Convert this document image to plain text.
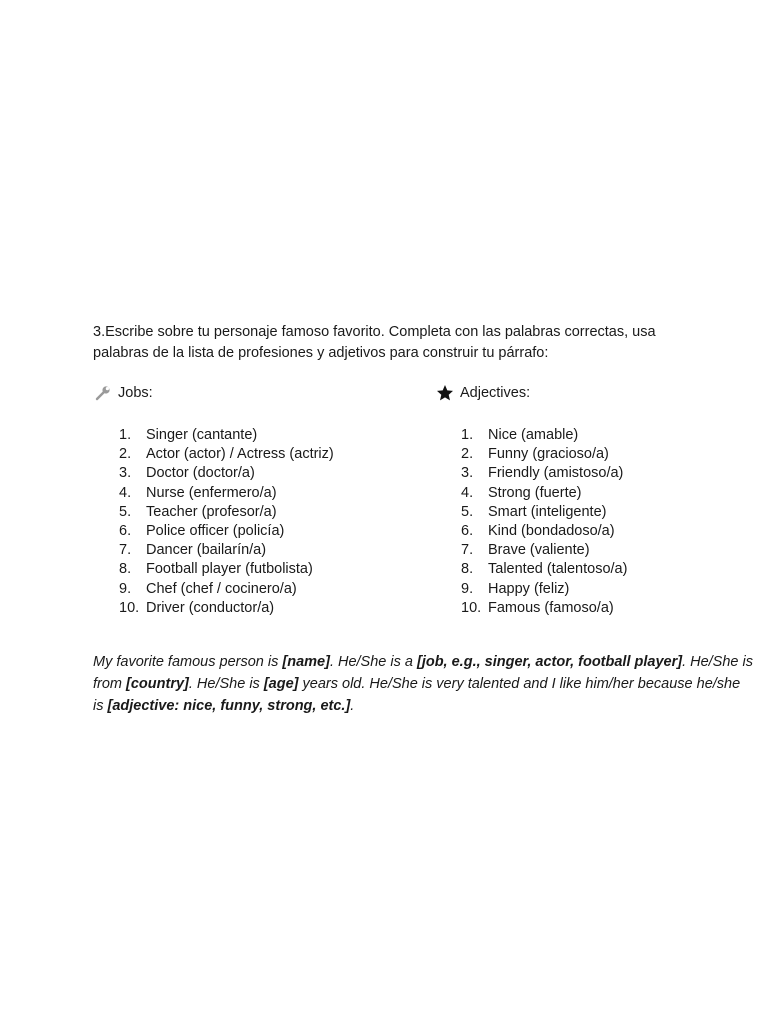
3.Escribe sobre tu personaje famoso favorito. Completa con las palabras correctas, usa

palabras de la lista de profesiones y adjetivos para construir tu párrafo:

Jobs:	Adjectives:
1.	Singer (cantante)
2.	Actor (actor) / Actress (actriz)
3.	Doctor (doctor/a)
4.	Nurse (enfermero/a)
5.	Teacher (profesor/a)
6.	Police officer (policía)
7.	Dancer (bailarín/a)
8.	Football player (futbolista)
9.	Chef (chef / cocinero/a)
10. Driver (conductor/a)
1.	Nice (amable)
2.	Funny (gracioso/a)
3.	Friendly (amistoso/a)
4.	Strong (fuerte)
5.	Smart (inteligente)
6.	Kind (bondadoso/a)
7.	Brave (valiente)
8.	Talented (talentoso/a)
9.	Happy (feliz)
10. Famous (famoso/a)

My favorite famous person is [name]. He/She is a [job, e.g., singer, actor, football player]. He/She is from [country]. He/She is [age] years old. He/She is very talented and I like him/her because he/she is [adjective: nice, funny, strong, etc.].
